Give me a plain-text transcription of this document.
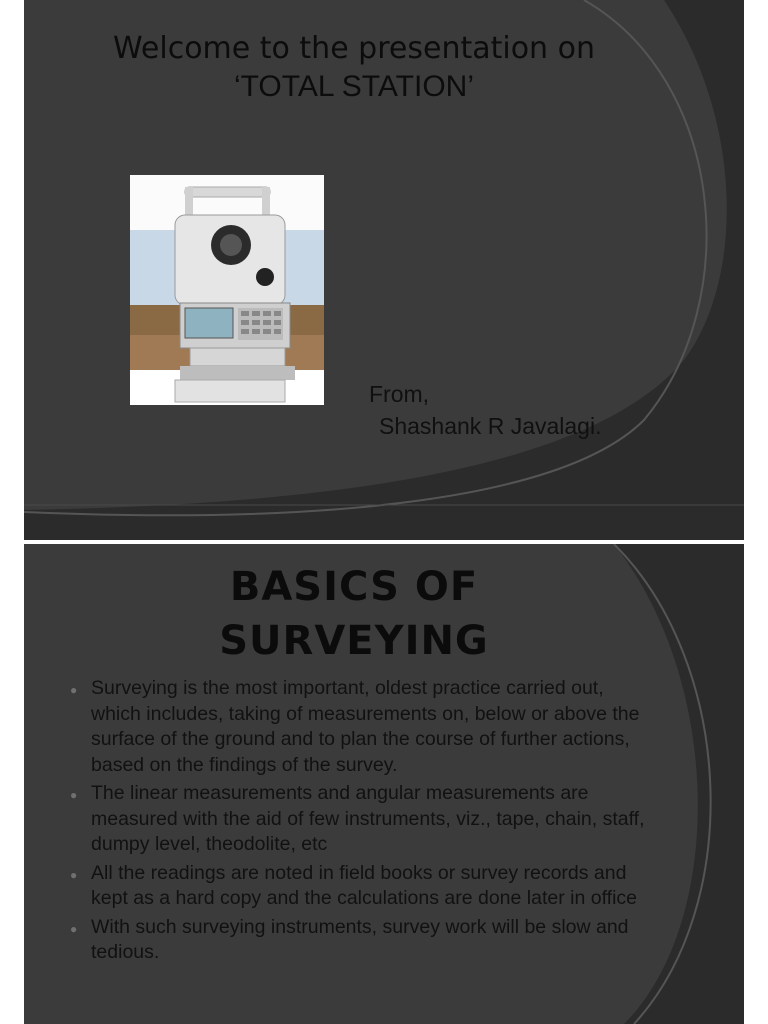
Welcome to the presentation on
‘TOTAL STATION’
From,
Shashank R Javalagi.
BASICS OF
SURVEYING
● Surveying is the most important, oldest practice carried out, which includes, taking of measurements on, below or above the surface of the ground and to plan the course of further actions, based on the findings of the survey.
● The linear measurements and angular measurements are measured with the aid of few instruments, viz., tape, chain, staff, dumpy level, theodolite, etc
● All the readings are noted in field books or survey records and kept as a hard copy and the calculations are done later in office
● With such surveying instruments, survey work will be slow and tedious.
